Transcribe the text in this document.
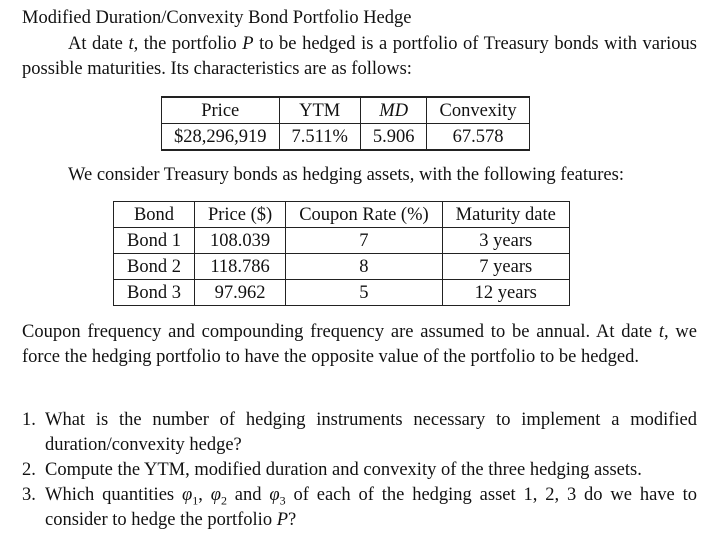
Modified Duration/Convexity Bond Portfolio Hedge
At date t, the portfolio P to be hedged is a portfolio of Treasury bonds with various possible maturities. Its characteristics are as follows:
Price	YTM	MD	Convexity
$28,296,919	7.511%	5.906	67.578
We consider Treasury bonds as hedging assets, with the following features:
Bond	Price ($)	Coupon Rate (%)	Maturity date
Bond 1	108.039	7	3 years
Bond 2	118.786	8	7 years
Bond 3	97.962	5	12 years
Coupon frequency and compounding frequency are assumed to be annual. At date t, we force the hedging portfolio to have the opposite value of the portfolio to be hedged.
1. What is the number of hedging instruments necessary to implement a modified duration/convexity hedge?
2. Compute the YTM, modified duration and convexity of the three hedging assets.
3. Which quantities $\varphi_1$, $\varphi_2$ and $\varphi_3$ of each of the hedging asset 1, 2, 3 do we have to consider to hedge the portfolio P?
